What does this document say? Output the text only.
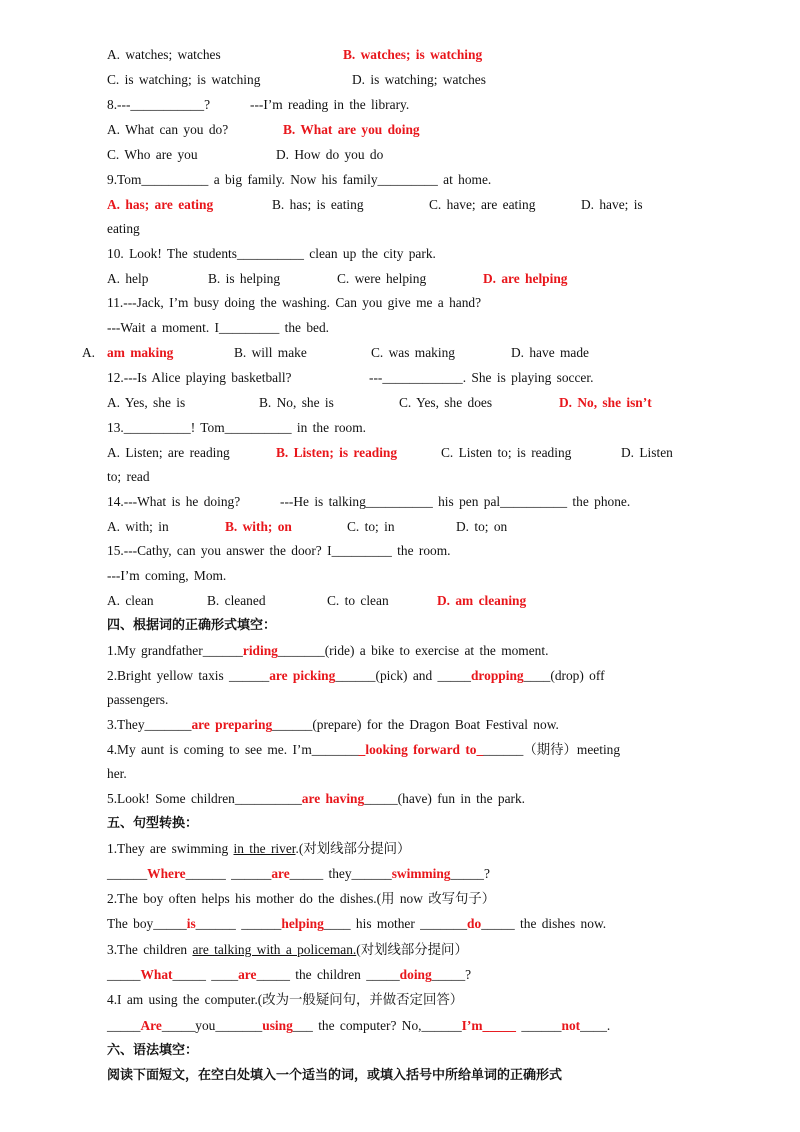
A. watches; watches	B. watches; is watching
C. is watching; is watching	D. is watching; watches
8.---___________?	---I’m reading in the library.
A. What can you do?	B. What are you doing
C. Who are you	D. How do you do
9.Tom__________ a big family. Now his family_________ at home.
A. has; are eating	B. has; is eating	C. have; are eating	D. have; is
eating
10. Look! The students__________ clean up the city park.
A. help	B. is helping	C. were helping	D. are helping
11.---Jack, I’m busy doing the washing. Can you give me a hand?
---Wait a moment. I_________ the bed.
A. am making	B. will make	C. was making	D. have made
12.---Is Alice playing basketball?	---____________. She is playing soccer.
A. Yes, she is	B. No, she is	C. Yes, she does	D. No, she isn’t
13.__________! Tom__________ in the room.
A. Listen; are reading	B. Listen; is reading	C. Listen to; is reading	D. Listen
to; read
14.---What is he doing?	---He is talking__________ his pen pal__________ the phone.
A. with; in	B. with; on	C. to; in	D. to; on
15.---Cathy, can you answer the door? I_________ the room.
---I’m coming, Mom.
A. clean	B. cleaned	C. to clean	D. am cleaning
四、根据词的正确形式填空：
1.My grandfather______riding_______(ride) a bike to exercise at the moment.
2.Bright yellow taxis ______are picking______(pick) and _____dropping____(drop) off
passengers.
3.They_______are preparing______(prepare) for the Dragon Boat Festival now.
4.My aunt is coming to see me. I’m________looking forward to_______（期待）meeting
her.
5.Look! Some children__________are having_____(have) fun in the park.
五、句型转换：
1.They are swimming in the river.(对划线部分提问）
______Where______ ______are_____ they______swimming_____?
2.The boy often helps his mother do the dishes.(用 now 改写句子）
The boy_____is______ ______helping____ his mother _______do_____ the dishes now.
3.The children are talking with a policeman.(对划线部分提问）
_____What_____ ____are_____ the children _____doing_____?
4.I am using the computer.(改为一般疑问句，并做否定回答）
_____Are_____you_______using___ the computer? No,______I’m_____ ______not____.
六、语法填空：
阅读下面短文，在空白处填入一个适当的词，或填入括号中所给单词的正确形式
